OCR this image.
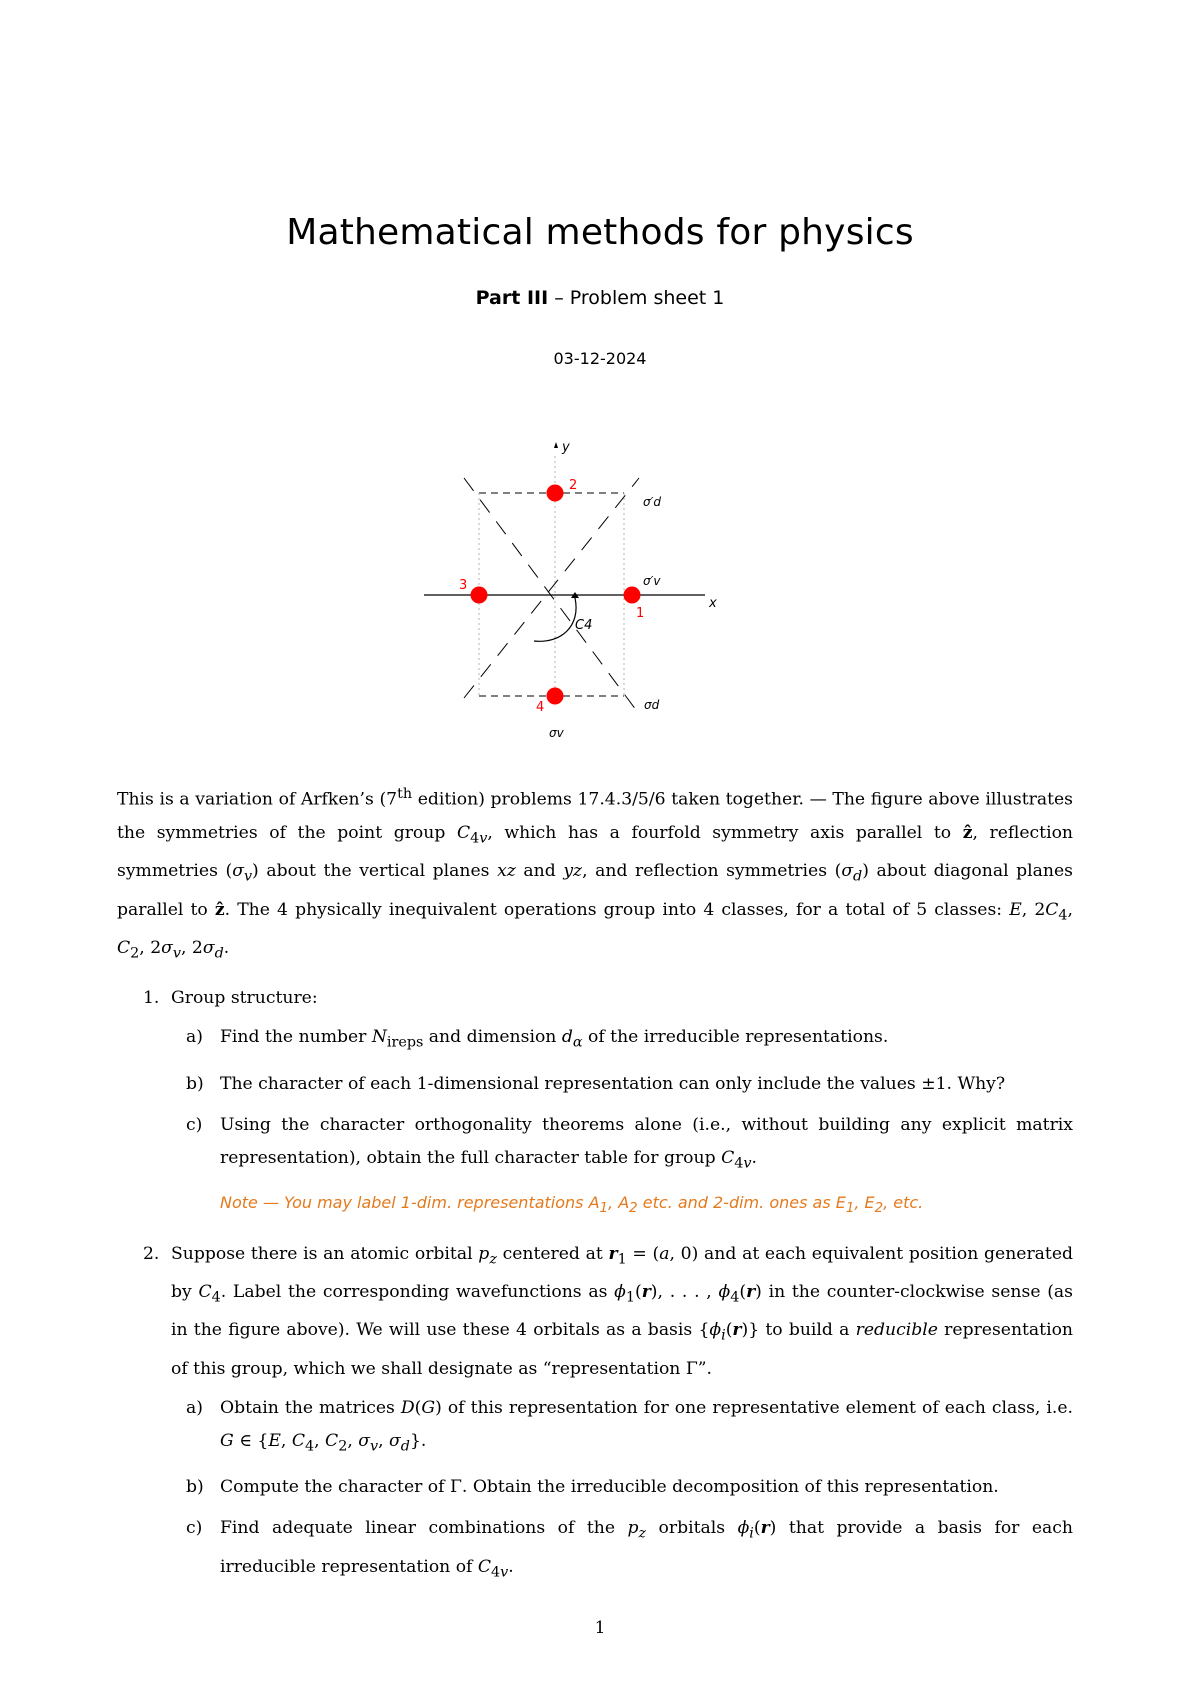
Mathematical methods for physics
Part III – Problem sheet 1
03-12-2024
x
y
C4
1
2
3
4
σ′d
σ′v
σd
σv

This is a variation of Arfken’s (7th edition) problems 17.4.3/5/6 taken together. — The figure above illustrates the symmetries of the point group $C_{4v}$, which has a fourfold symmetry axis parallel to ẑ, reflection symmetries $(\sigma_v)$ about the vertical planes xz and yz, and reflection symmetries $(\sigma_d)$ about diagonal planes parallel to ẑ. The 4 physically inequivalent operations group into 4 classes, for a total of 5 classes: E, $2C_4$, $C_2$, $2\sigma_v$, $2\sigma_d$.

1. Group structure:
a) Find the number $N_{ireps}$ and dimension $d_\alpha$ of the irreducible representations.
b) The character of each 1-dimensional representation can only include the values ±1. Why?
c) Using the character orthogonality theorems alone (i.e., without building any explicit matrix representation), obtain the full character table for group $C_{4v}$.
Note — You may label 1-dim. representations $A_1$, $A_2$ etc. and 2-dim. ones as $E_1$, $E_2$, etc.
2. Suppose there is an atomic orbital $p_z$ centered at $r_1 = (a$, 0) and at each equivalent position generated by $C_4$. Label the corresponding wavefunctions as $\phi_1(r)$, . . . , $\phi_4(r)$ in the counter-clockwise sense (as in the figure above). We will use these 4 orbitals as a basis $\{\phi_i(r)\}$ to build a reducible representation of this group, which we shall designate as “representation Γ”.
a) Obtain the matrices D(G) of this representation for one representative element of each class, i.e. G ∈ {E, $C_4$, $C_2$, $\sigma_v$, $\sigma_d$}.
b) Compute the character of Γ. Obtain the irreducible decomposition of this representation.
c) Find adequate linear combinations of the $p_z$ orbitals $\phi_i(r)$ that provide a basis for each irreducible representation of $C_{4v}$.
1
